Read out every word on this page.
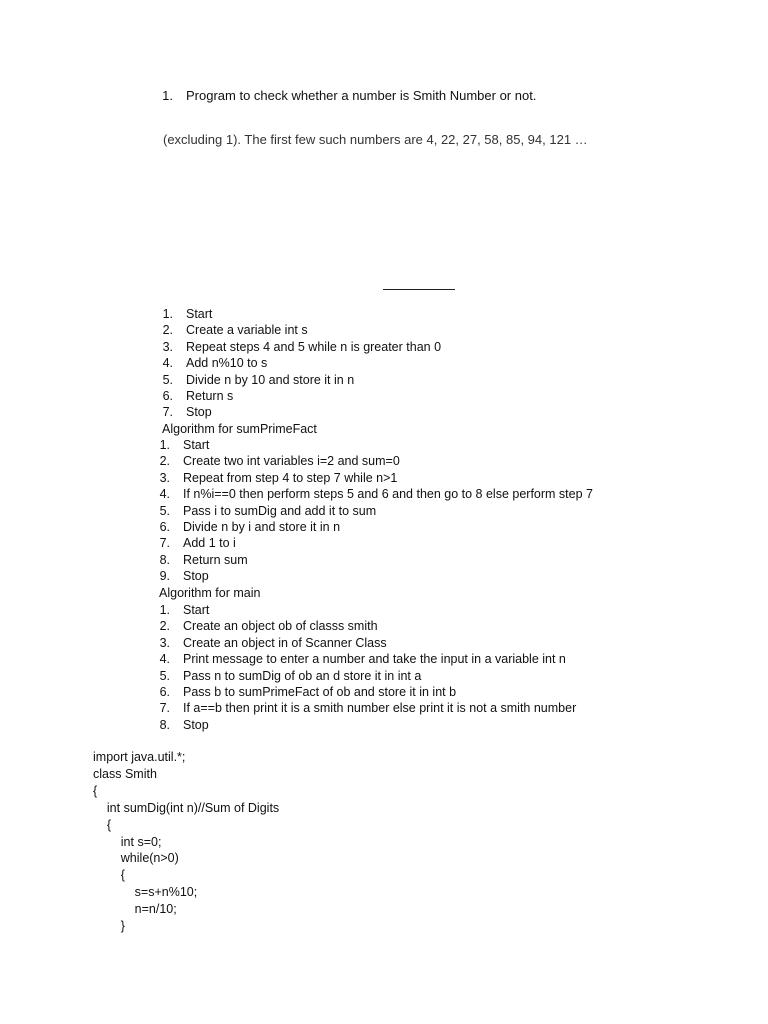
1. Program to check whether a number is Smith Number or not.
(excluding 1). The first few such numbers are 4, 22, 27, 58, 85, 94, 121 …
1. Start
2. Create a variable int s
3. Repeat steps 4 and 5 while n is greater than 0
4. Add n%10 to s
5. Divide n by 10 and store it in n
6. Return s
7. Stop
Algorithm for sumPrimeFact
1. Start
2. Create two int variables i=2 and sum=0
3. Repeat from step 4 to step 7 while n>1
4. If n%i==0 then perform steps 5 and 6 and then go to 8 else perform step 7
5. Pass i to sumDig and add it to sum
6. Divide n by i and store it in n
7. Add 1 to i
8. Return sum
9. Stop
Algorithm for main
1. Start
2. Create an object ob of classs smith
3. Create an object in of Scanner Class
4. Print message to enter a number and take the input in a variable int n
5. Pass n to sumDig of ob an d store it in int a
6. Pass b to sumPrimeFact of ob and store it in int b
7. If a==b then print it is a smith number else print it is not a smith number
8. Stop
import java.util.*;
class Smith
{
int sumDig(int n)//Sum of Digits
{
int s=0;
while(n>0)
{
s=s+n%10;
n=n/10;
}
